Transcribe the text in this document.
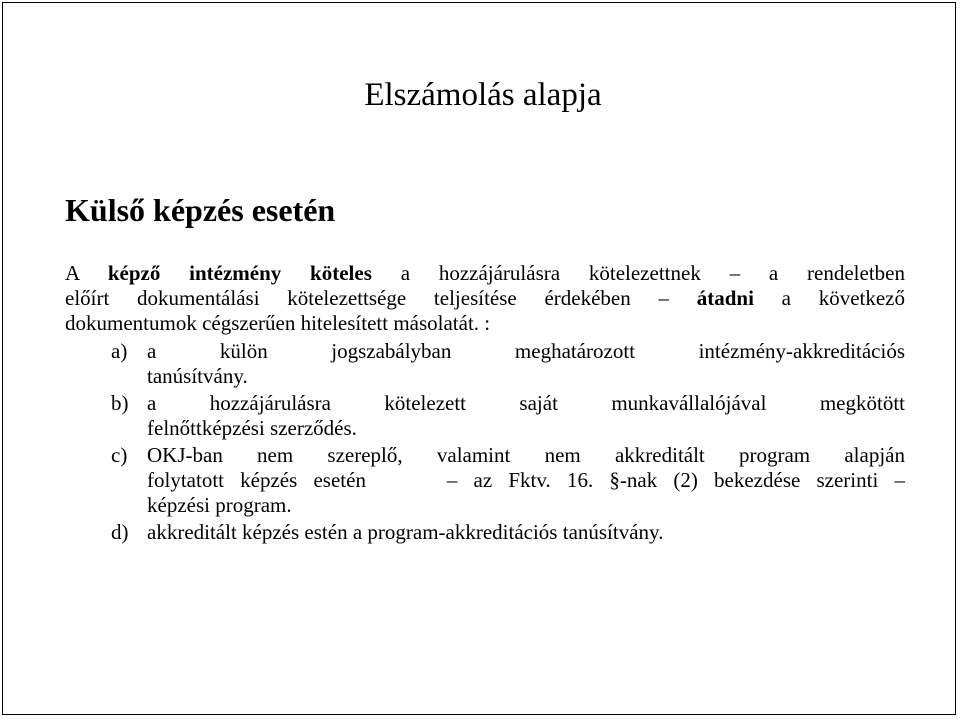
Elszámolás alapja
Külső képzés esetén

A képző intézmény köteles a hozzájárulásra kötelezettnek – a rendeletben
előírt dokumentálási kötelezettsége teljesítése érdekében – átadni a következő
dokumentumok cégszerűen hitelesített másolatát. :

a) a külön jogszabályban meghatározott intézmény-akkreditációs
tanúsítvány.
b) a hozzájárulásra kötelezett saját munkavállalójával megkötött
felnőttképzési szerződés.
c) OKJ-ban nem szereplő, valamint nem akkreditált program alapján
folytatott képzés esetén     – az Fktv. 16. §-nak (2) bekezdése szerinti –
képzési program.
d) akkreditált képzés estén a program-akkreditációs tanúsítvány.
